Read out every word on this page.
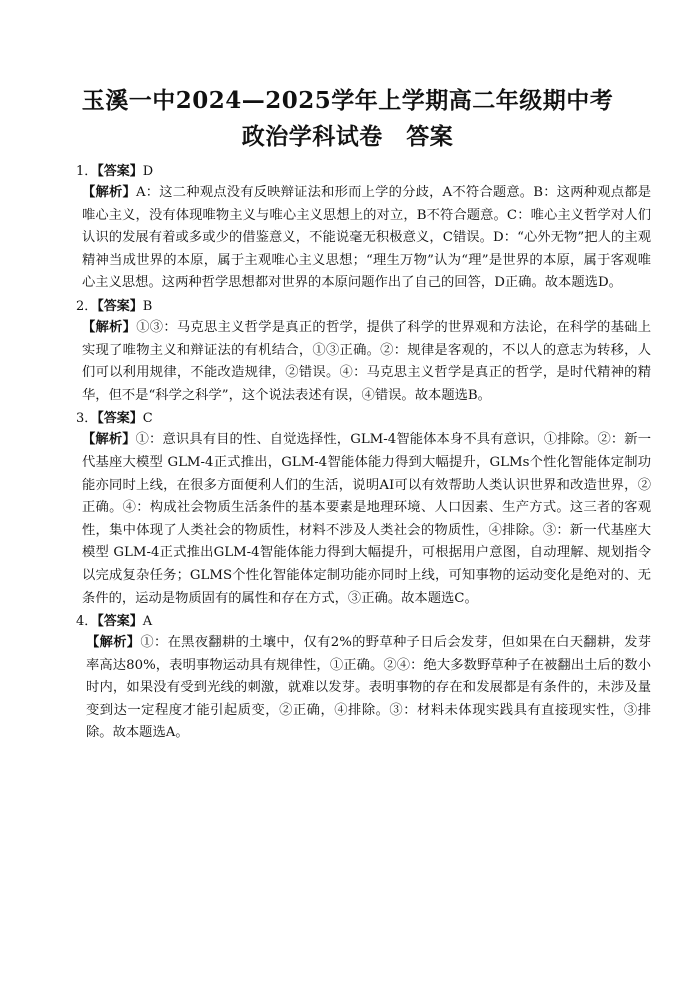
玉溪一中2024—2025学年上学期高二年级期中考
政治学科试卷　答案
1．【答案】D
【解析】A：这二种观点没有反映辩证法和形而上学的分歧，A不符合题意。B：这两种观点都是唯心主义，没有体现唯物主义与唯心主义思想上的对立，B不符合题意。C：唯心主义哲学对人们认识的发展有着或多或少的借鉴意义，不能说毫无积极意义，C错误。D：“心外无物”把人的主观精神当成世界的本原，属于主观唯心主义思想；“理生万物”认为“理”是世界的本原，属于客观唯心主义思想。这两种哲学思想都对世界的本原问题作出了自己的回答，D正确。故本题选D。
2．【答案】B
【解析】①③：马克思主义哲学是真正的哲学，提供了科学的世界观和方法论，在科学的基础上实现了唯物主义和辩证法的有机结合，①③正确。②：规律是客观的，不以人的意志为转移，人们可以利用规律，不能改造规律，②错误。④：马克思主义哲学是真正的哲学，是时代精神的精华，但不是“科学之科学”，这个说法表述有误，④错误。故本题选B。
3．【答案】C
【解析】①：意识具有目的性、自觉选择性，GLM-4智能体本身不具有意识，①排除。②：新一代基座大模型 GLM-4正式推出，GLM-4智能体能力得到大幅提升，GLMs个性化智能体定制功能亦同时上线，在很多方面便利人们的生活，说明AI可以有效帮助人类认识世界和改造世界，②正确。④：构成社会物质生活条件的基本要素是地理环境、人口因素、生产方式。这三者的客观性，集中体现了人类社会的物质性，材料不涉及人类社会的物质性，④排除。③：新一代基座大模型 GLM-4正式推出GLM-4智能体能力得到大幅提升，可根据用户意图，自动理解、规划指令以完成复杂任务；GLMS个性化智能体定制功能亦同时上线，可知事物的运动变化是绝对的、无条件的，运动是物质固有的属性和存在方式，③正确。故本题选C。
4．【答案】A
【解析】①：在黑夜翻耕的土壤中，仅有2%的野草种子日后会发芽，但如果在白天翻耕，发芽率高达80%，表明事物运动具有规律性，①正确。②④：绝大多数野草种子在被翻出土后的数小时内，如果没有受到光线的刺激，就难以发芽。表明事物的存在和发展都是有条件的，未涉及量变到达一定程度才能引起质变，②正确，④排除。③：材料未体现实践具有直接现实性，③排除。故本题选A。
